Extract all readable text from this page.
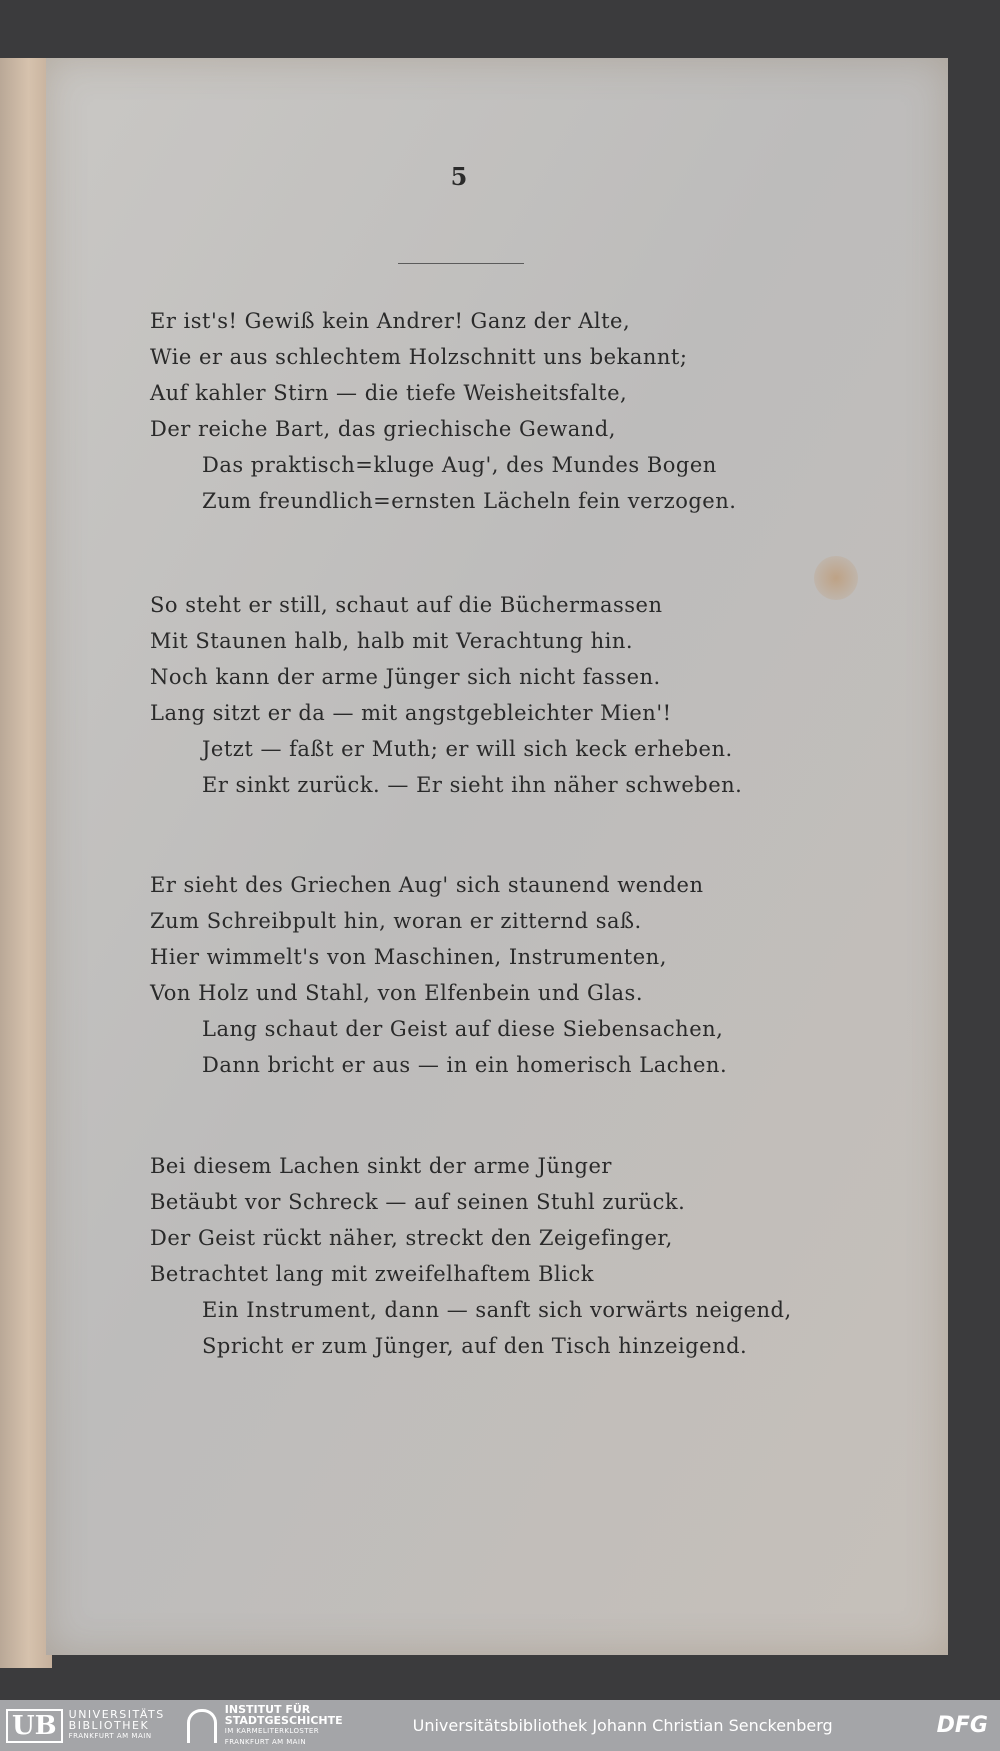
5
Er ist's! Gewiß kein Andrer! Ganz der Alte,
Wie er aus schlechtem Holzschnitt uns bekannt;
Auf kahler Stirn — die tiefe Weisheitsfalte,
Der reiche Bart, das griechische Gewand,
Das praktisch=kluge Aug', des Mundes Bogen
Zum freundlich=ernsten Lächeln fein verzogen.
So steht er still, schaut auf die Büchermassen
Mit Staunen halb, halb mit Verachtung hin.
Noch kann der arme Jünger sich nicht fassen.
Lang sitzt er da — mit angstgebleichter Mien'!
Jetzt — faßt er Muth; er will sich keck erheben.
Er sinkt zurück. — Er sieht ihn näher schweben.
Er sieht des Griechen Aug' sich staunend wenden
Zum Schreibpult hin, woran er zitternd saß.
Hier wimmelt's von Maschinen, Instrumenten,
Von Holz und Stahl, von Elfenbein und Glas.
Lang schaut der Geist auf diese Siebensachen,
Dann bricht er aus — in ein homerisch Lachen.
Bei diesem Lachen sinkt der arme Jünger
Betäubt vor Schreck — auf seinen Stuhl zurück.
Der Geist rückt näher, streckt den Zeigefinger,
Betrachtet lang mit zweifelhaftem Blick
Ein Instrument, dann — sanft sich vorwärts neigend,
Spricht er zum Jünger, auf den Tisch hinzeigend.
UB	UNIVERSITÄTS
BIBLIOTHEK
FRANKFURT AM MAIN
INSTITUT FÜR
STADTGESCHICHTE
IM KARMELITERKLOSTER
FRANKFURT AM MAIN
Universitätsbibliothek Johann Christian Senckenberg	DFG
